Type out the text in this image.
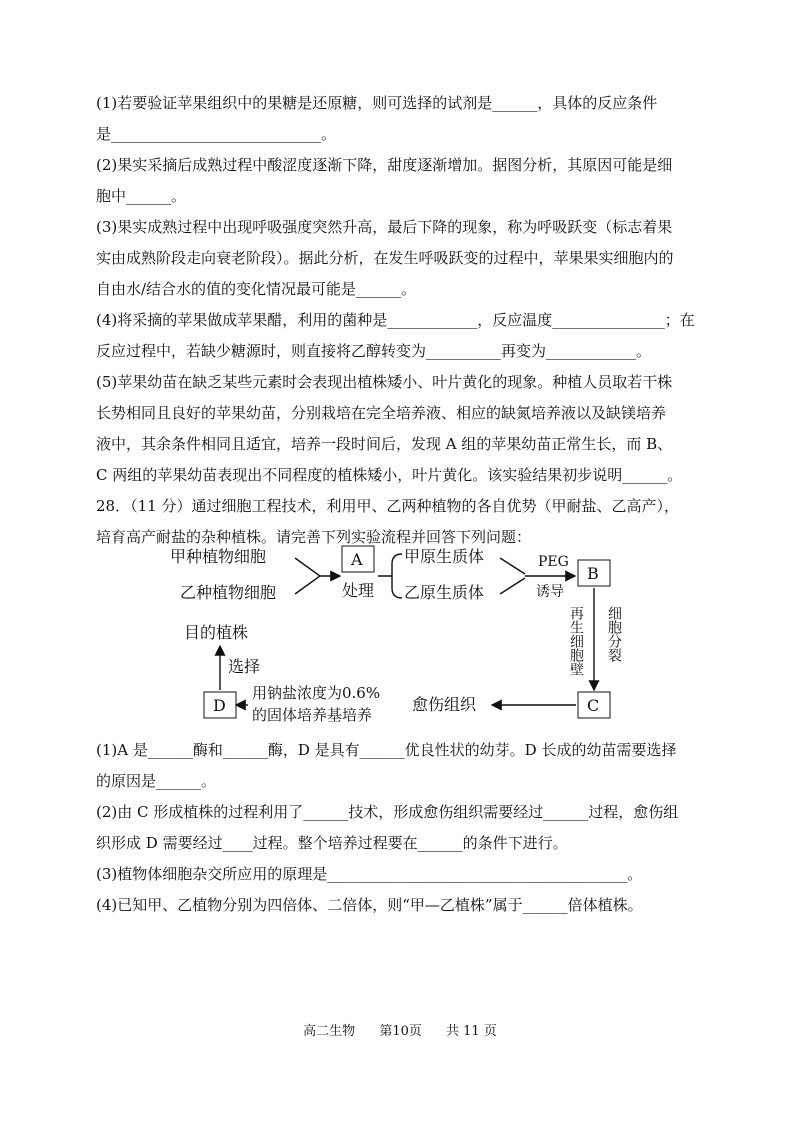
(1)若要验证苹果组织中的果糖是还原糖，则可选择的试剂是______，具体的反应条件
是____________________________。
(2)果实采摘后成熟过程中酸涩度逐渐下降，甜度逐渐增加。据图分析，其原因可能是细
胞中______。
(3)果实成熟过程中出现呼吸强度突然升高，最后下降的现象，称为呼吸跃变（标志着果
实由成熟阶段走向衰老阶段）。据此分析，在发生呼吸跃变的过程中，苹果果实细胞内的
自由水/结合水的值的变化情况最可能是______。
(4)将采摘的苹果做成苹果醋，利用的菌种是____________，反应温度_______________；在
反应过程中，若缺少糖源时，则直接将乙醇转变为__________再变为____________。
(5)苹果幼苗在缺乏某些元素时会表现出植株矮小、叶片黄化的现象。种植人员取若干株
长势相同且良好的苹果幼苗，分别栽培在完全培养液、相应的缺氮培养液以及缺镁培养
液中，其余条件相同且适宜，培养一段时间后，发现 A 组的苹果幼苗正常生长，而 B、
C 两组的苹果幼苗表现出不同程度的植株矮小，叶片黄化。该实验结果初步说明______。
28．（11 分）通过细胞工程技术，利用甲、乙两种植物的各自优势（甲耐盐、乙高产），
培育高产耐盐的杂种植株。请完善下列实验流程并回答下列问题：
甲种植物细胞
乙种植物细胞
A
处理
甲原生质体
乙原生质体
PEG
诱导
B
再生细胞壁 细胞分裂
C
愈伤组织
用钠盐浓度为0.6%
的固体培养基培养
D
选择
目的植株
(1)A 是______酶和______酶，D 是具有______优良性状的幼芽。D 长成的幼苗需要选择
的原因是______。
(2)由 C 形成植株的过程利用了______技术，形成愈伤组织需要经过______过程，愈伤组
织形成 D 需要经过____过程。整个培养过程要在______的条件下进行。
(3)植物体细胞杂交所应用的原理是________________________________________。
(4)已知甲、乙植物分别为四倍体、二倍体，则“甲—乙植株”属于______倍体植株。
高二生物 第10页 共 11 页
